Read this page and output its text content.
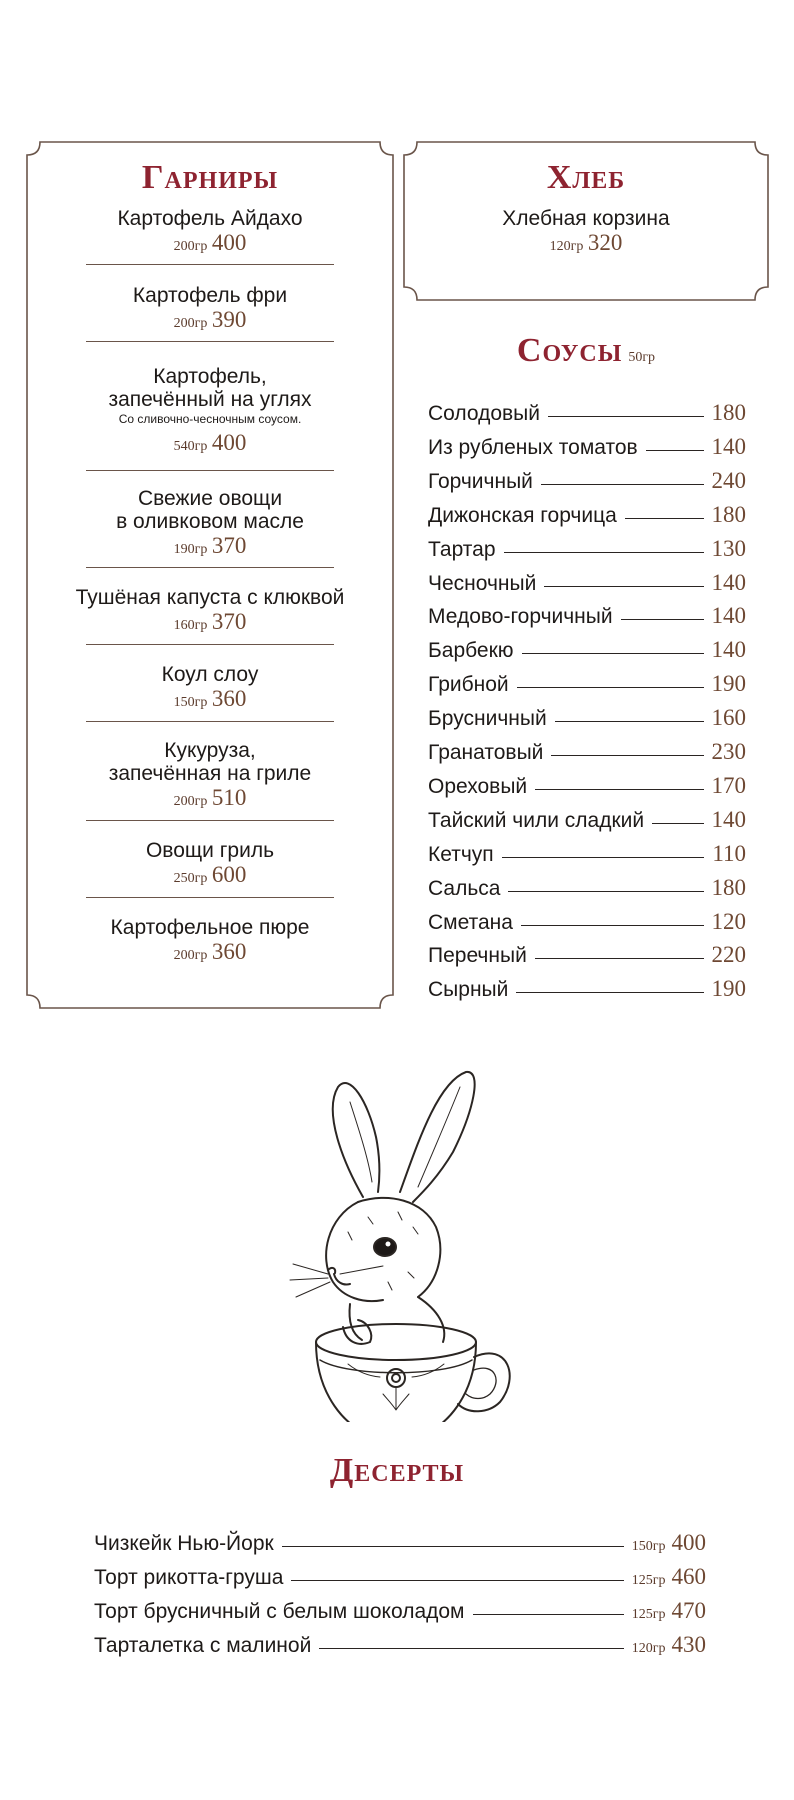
Гарниры
Картофель Айдахо
200гр 400
Картофель фри
200гр 390
Картофель,
запечённый на углях
Со сливочно-чесночным соусом.
540гр 400
Свежие овощи
в оливковом масле
190гр 370
Тушёная капуста с клюквой
160гр 370
Коул слоу
150гр 360
Кукуруза,
запечённая на гриле
200гр 510
Овощи гриль
250гр 600
Картофельное пюре
200гр 360
Хлеб
Хлебная корзина
120гр 320
Соусы 50гр
Солодовый	180
Из рубленых томатов	140
Горчичный	240
Дижонская горчица	180
Тартар	130
Чесночный	140
Медово-горчичный	140
Барбекю	140
Грибной	190
Брусничный	160
Гранатовый	230
Ореховый	170
Тайский чили сладкий	140
Кетчуп	110
Сальса	180
Сметана	120
Перечный	220
Сырный	190
Десерты
Чизкейк Нью-Йорк	150гр 400
Торт рикотта-груша	125гр 460
Торт брусничный с белым шоколадом	125гр 470
Тарталетка с малиной	120гр 430
